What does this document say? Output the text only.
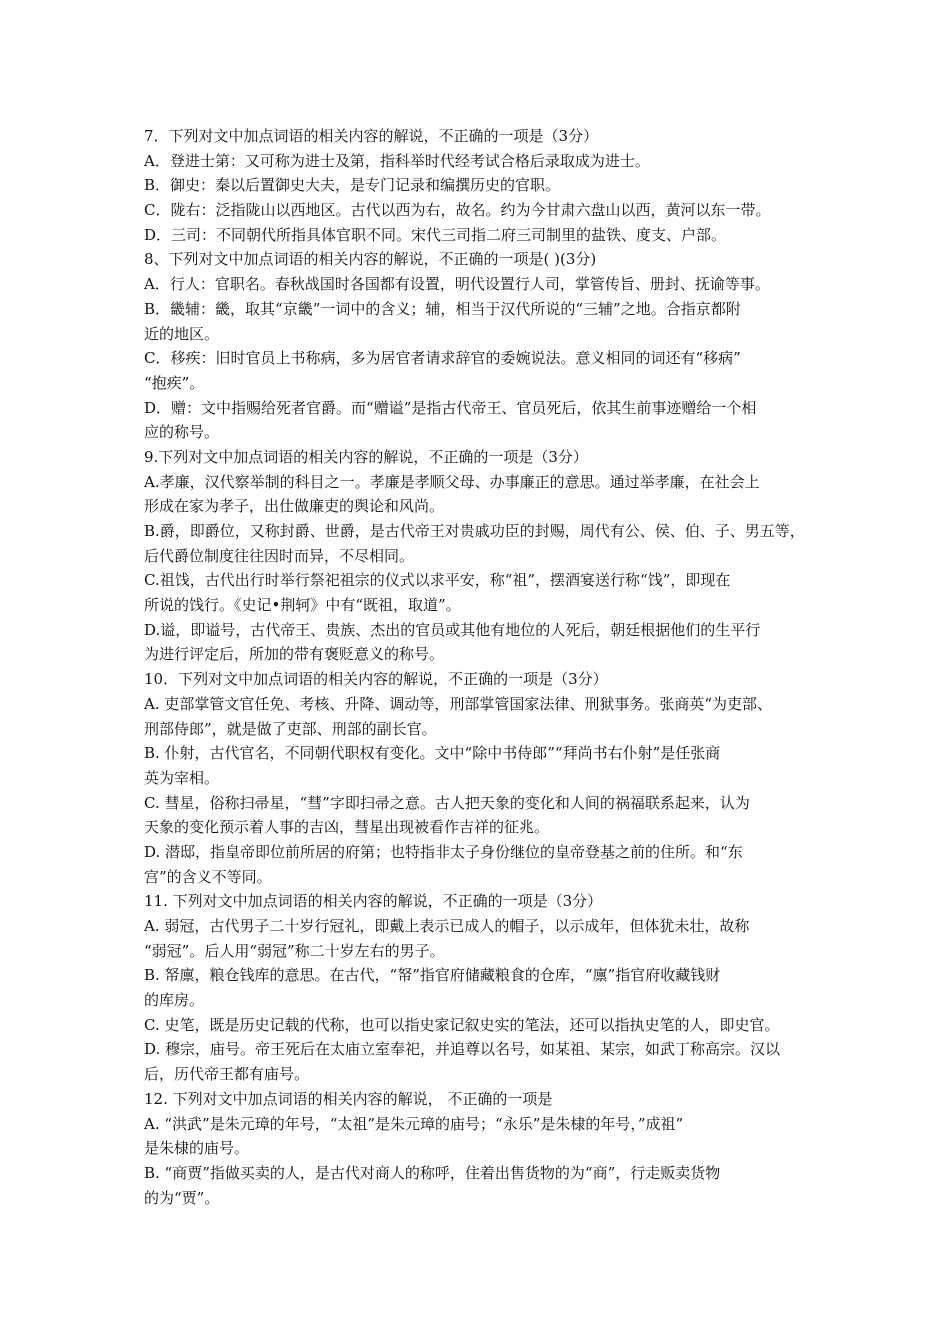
7．下列对文中加点词语的相关内容的解说，不正确的一项是（3分）
A．登进士第：又可称为进士及第，指科举时代经考试合格后录取成为进士。
B．御史：秦以后置御史大夫，是专门记录和编撰历史的官职。
C．陇右：泛指陇山以西地区。古代以西为右，故名。约为今甘肃六盘山以西，黄河以东一带。
D．三司：不同朝代所指具体官职不同。宋代三司指二府三司制里的盐铁、度支、户部。
8、下列对文中加点词语的相关内容的解说，不正确的一项是( )(3分)
A．行人：官职名。春秋战国时各国都有设置，明代设置行人司，掌管传旨、册封、抚谕等事。
B．畿辅：畿，取其“京畿”一词中的含义；辅，相当于汉代所说的“三辅”之地。合指京都附
近的地区。
C．移疾：旧时官员上书称病，多为居官者请求辞官的委婉说法。意义相同的词还有“移病”
“抱疾”。
D．赠：文中指赐给死者官爵。而“赠谥”是指古代帝王、官员死后，依其生前事迹赠给一个相
应的称号。
9.下列对文中加点词语的相关内容的解说，不正确的一项是（3分）
A.孝廉，汉代察举制的科目之一。孝廉是孝顺父母、办事廉正的意思。通过举孝廉，在社会上
形成在家为孝子，出仕做廉吏的舆论和风尚。
B.爵，即爵位，又称封爵、世爵，是古代帝王对贵戚功臣的封赐，周代有公、侯、伯、子、男五等，
后代爵位制度往往因时而异，不尽相同。
C.祖饯，古代出行时举行祭祀祖宗的仪式以求平安，称“祖”，摆酒宴送行称“饯”，即现在
所说的饯行。《史记•荆轲》中有“既祖，取道”。
D.谥，即谥号，古代帝王、贵族、杰出的官员或其他有地位的人死后，朝廷根据他们的生平行
为进行评定后，所加的带有褒贬意义的称号。
10．下列对文中加点词语的相关内容的解说，不正确的一项是（3分）
A. 吏部掌管文官任免、考核、升降、调动等，刑部掌管国家法律、刑狱事务。张商英“为吏部、
刑部侍郎”，就是做了吏部、刑部的副长官。
B. 仆射，古代官名，不同朝代职权有变化。文中“除中书侍郎”“拜尚书右仆射”是任张商
英为宰相。
C. 彗星，俗称扫帚星，“彗”字即扫帚之意。古人把天象的变化和人间的祸福联系起来，认为
天象的变化预示着人事的吉凶，彗星出现被看作吉祥的征兆。
D. 潜邸，指皇帝即位前所居的府第；也特指非太子身份继位的皇帝登基之前的住所。和“东
宫”的含义不等同。
11. 下列对文中加点词语的相关内容的解说，不正确的一项是（3分）
A. 弱冠，古代男子二十岁行冠礼，即戴上表示已成人的帽子，以示成年，但体犹未壮，故称
“弱冠”。后人用“弱冠”称二十岁左右的男子。
B. 帑廪，粮仓钱库的意思。在古代，“帑”指官府储藏粮食的仓库，“廪”指官府收藏钱财
的库房。
C. 史笔，既是历史记载的代称，也可以指史家记叙史实的笔法，还可以指执史笔的人，即史官。
D. 穆宗，庙号。帝王死后在太庙立室奉祀，并追尊以名号，如某祖、某宗，如武丁称高宗。汉以
后，历代帝王都有庙号。
12. 下列对文中加点词语的相关内容的解说， 不正确的一项是
A. “洪武”是朱元璋的年号，“太祖”是朱元璋的庙号；“永乐”是朱棣的年号，”成祖”
是朱棣的庙号。
B. “商贾”指做买卖的人，是古代对商人的称呼，住着出售货物的为“商”，行走贩卖货物
的为“贾”。
